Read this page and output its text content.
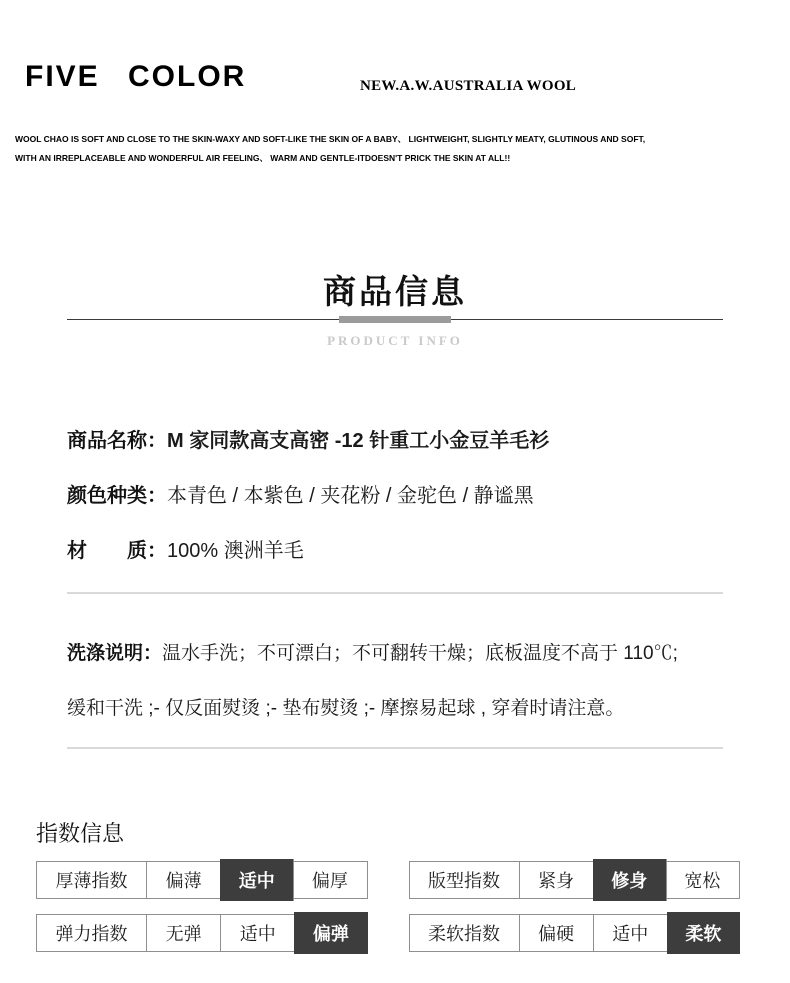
FIVE COLOR	NEW.A.W.AUSTRALIA WOOL
WOOL CHAO IS SOFT AND CLOSE TO THE SKIN-WAXY AND SOFT-LIKE THE SKIN OF A BABY、 LIGHTWEIGHT, SLIGHTLY MEATY, GLUTINOUS AND SOFT,
WITH AN IRREPLACEABLE AND WONDERFUL AIR FEELING、 WARM AND GENTLE-ITDOESN'T PRICK THE SKIN AT ALL!!
商品信息
PRODUCT INFO
商品名称：M 家同款高支高密 -12 针重工小金豆羊毛衫
颜色种类：本青色 / 本紫色 / 夹花粉 / 金驼色 / 静谧黑
材　　质：100% 澳洲羊毛
洗涤说明：温水手洗；不可漂白；不可翻转干燥；底板温度不高于 110℃;
缓和干洗 ;- 仅反面熨烫 ;- 垫布熨烫 ;- 摩擦易起球 , 穿着时请注意。
指数信息
厚薄指数	偏薄	适中	偏厚	版型指数	紧身	修身	宽松
弹力指数	无弹	适中	偏弹	柔软指数	偏硬	适中	柔软
